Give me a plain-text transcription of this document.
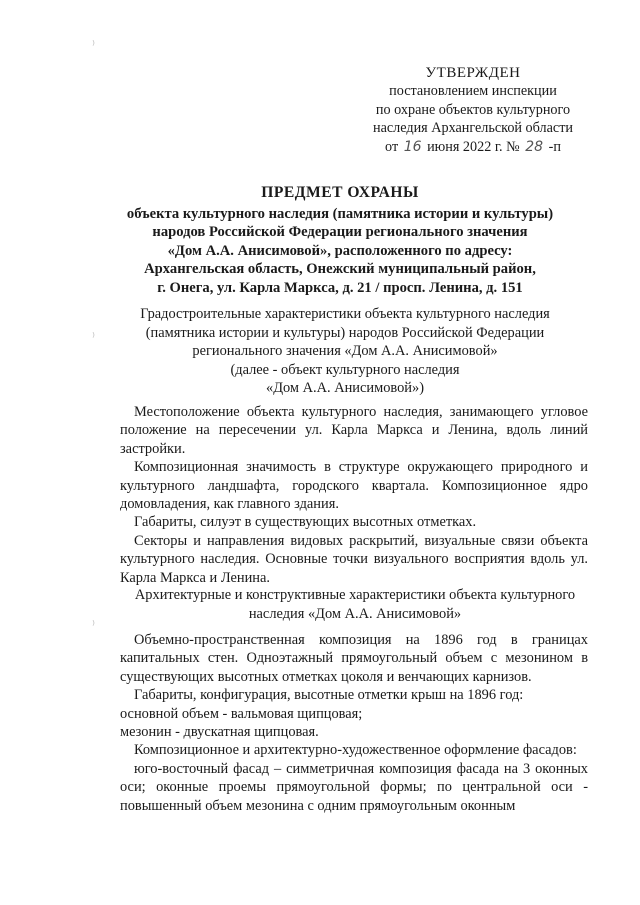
⁾
⁾
⁾
УТВЕРЖДЕН
постановлением инспекции
по охране объектов культурного
наследия Архангельской области
от 16 июня 2022 г. № 28 -п
ПРЕДМЕТ ОХРАНЫ
объекта культурного наследия (памятника истории и культуры)
народов Российской Федерации регионального значения
«Дом А.А. Анисимовой», расположенного по адресу:
Архангельская область, Онежский муниципальный район,
г. Онега, ул. Карла Маркса, д. 21 / просп. Ленина, д. 151
Градостроительные характеристики объекта культурного наследия
(памятника истории и культуры) народов Российской Федерации
регионального значения «Дом А.А. Анисимовой»
(далее - объект культурного наследия
«Дом А.А. Анисимовой»)

Местоположение объекта культурного наследия, занимающего угловое положение на пересечении ул. Карла Маркса и Ленина, вдоль линий застройки.

Композиционная значимость в структуре окружающего природного и культурного ландшафта, городского квартала. Композиционное ядро домовладения, как главного здания.

Габариты, силуэт в существующих высотных отметках.

Секторы и направления видовых раскрытий, визуальные связи объекта культурного наследия. Основные точки визуального восприятия вдоль ул. Карла Маркса и Ленина.

Архитектурные и конструктивные характеристики объекта культурного
наследия «Дом А.А. Анисимовой»

Объемно-пространственная композиция на 1896 год в границах капитальных стен. Одноэтажный прямоугольный объем с мезонином в существующих высотных отметках цоколя и венчающих карнизов.

Габариты, конфигурация, высотные отметки крыш на 1896 год:

основной объем - вальмовая щипцовая;

мезонин - двускатная щипцовая.

Композиционное и архитектурно-художественное оформление фасадов:

юго-восточный фасад – симметричная композиция фасада на 3 оконных оси; оконные проемы прямоугольной формы; по центральной оси - повышенный объем мезонина с одним прямоугольным оконным
